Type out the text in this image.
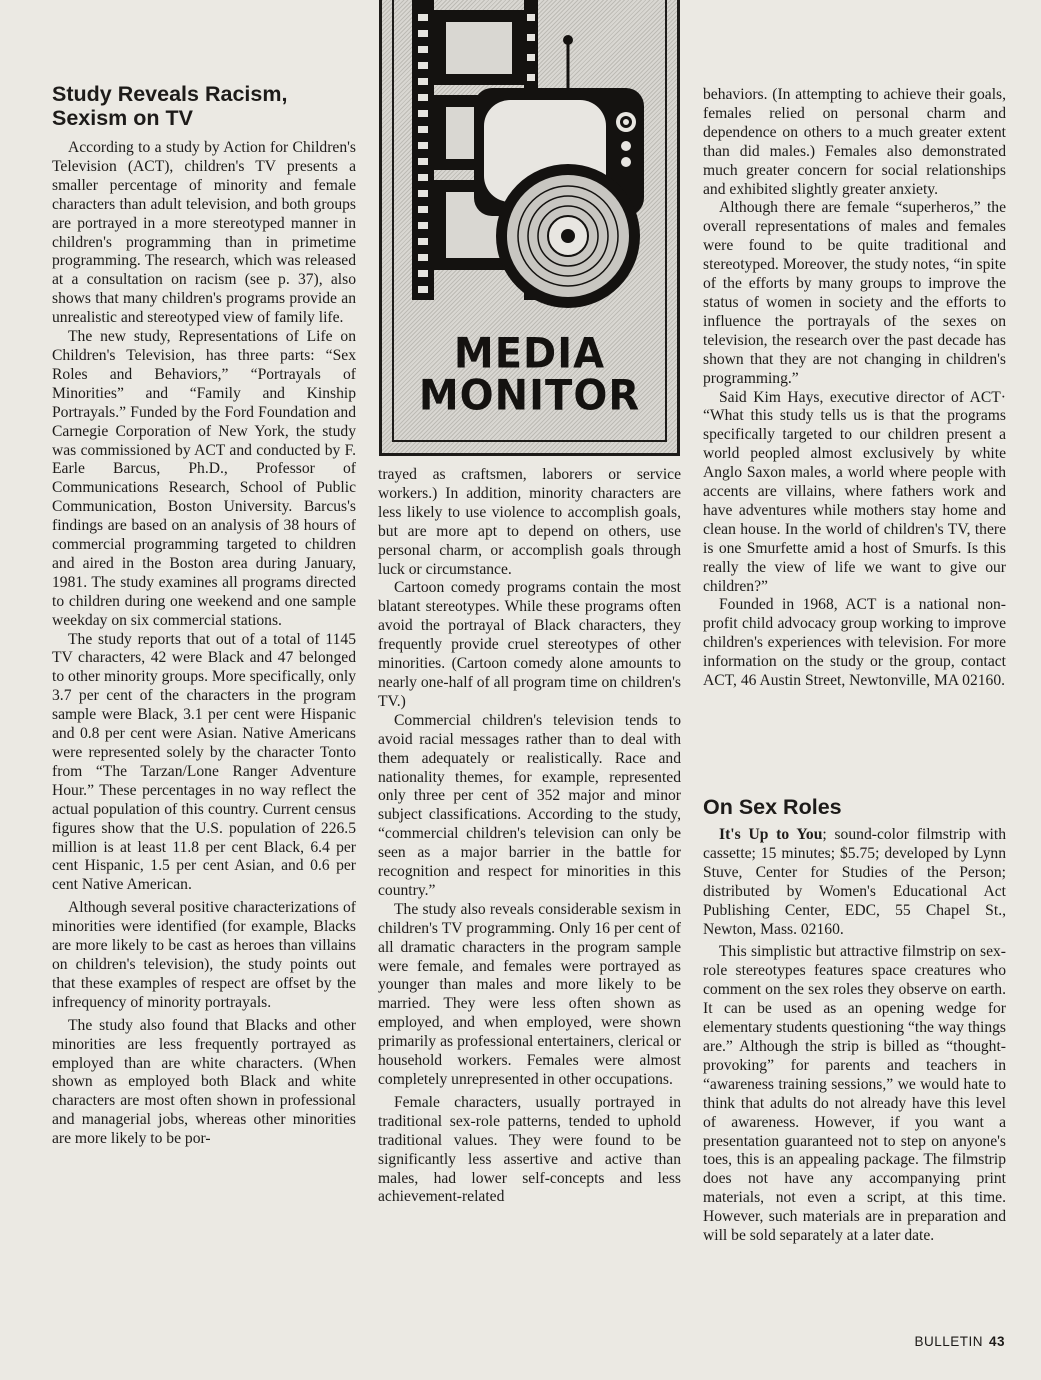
Study Reveals Racism, Sexism on TV

According to a study by Action for Children's Television (ACT), children's TV presents a smaller percentage of minority and female characters than adult television, and both groups are portrayed in a more stereotyped manner in children's programming than in primetime programming. The research, which was released at a consultation on racism (see p. 37), also shows that many children's programs provide an unrealistic and stereotyped view of family life.

The new study, Representations of Life on Children's Television, has three parts: “Sex Roles and Behaviors,” “Portrayals of Minorities” and “Family and Kinship Portrayals.” Funded by the Ford Foundation and Carnegie Corporation of New York, the study was commissioned by ACT and conducted by F. Earle Barcus, Ph.D., Professor of Communications Research, School of Public Communication, Boston University. Barcus's findings are based on an analysis of 38 hours of commercial programming targeted to children and aired in the Boston area during January, 1981. The study examines all programs directed to children during one weekend and one sample weekday on six commercial stations.

The study reports that out of a total of 1145 TV characters, 42 were Black and 47 belonged to other minority groups. More specifically, only 3.7 per cent of the characters in the program sample were Black, 3.1 per cent were Hispanic and 0.8 per cent were Asian. Native Americans were represented solely by the character Tonto from “The Tarzan/Lone Ranger Adventure Hour.” These percentages in no way reflect the actual population of this country. Current census figures show that the U.S. population of 226.5 million is at least 11.8 per cent Black, 6.4 per cent Hispanic, 1.5 per cent Asian, and 0.6 per cent Native American.

Although several positive characterizations of minorities were identified (for example, Blacks are more likely to be cast as heroes than villains on children's television), the study points out that these examples of respect are offset by the infrequency of minority portrayals.

The study also found that Blacks and other minorities are less frequently portrayed as employed than are white characters. (When shown as employed both Black and white characters are most often shown in professional and managerial jobs, whereas other minorities are more likely to be por-

MEDIA
MONITOR

trayed as craftsmen, laborers or service workers.) In addition, minority characters are less likely to use violence to accomplish goals, but are more apt to depend on others, use personal charm, or accomplish goals through luck or circumstance.

Cartoon comedy programs contain the most blatant stereotypes. While these programs often avoid the portrayal of Black characters, they frequently provide cruel stereotypes of other minorities. (Cartoon comedy alone amounts to nearly one-half of all program time on children's TV.)

Commercial children's television tends to avoid racial messages rather than to deal with them adequately or realistically. Race and nationality themes, for example, represented only three per cent of 352 major and minor subject classifications. According to the study, “commercial children's television can only be seen as a major barrier in the battle for recognition and respect for minorities in this country.”

The study also reveals considerable sexism in children's TV programming. Only 16 per cent of all dramatic characters in the program sample were female, and females were portrayed as younger than males and more likely to be married. They were less often shown as employed, and when employed, were shown primarily as professional entertainers, clerical or household workers. Females were almost completely unrepresented in other occupations.

Female characters, usually portrayed in traditional sex-role patterns, tended to uphold traditional values. They were found to be significantly less assertive and active than males, had lower self-concepts and less achievement-related

behaviors. (In attempting to achieve their goals, females relied on personal charm and dependence on others to a much greater extent than did males.) Females also demonstrated much greater concern for social relationships and exhibited slightly greater anxiety.

Although there are female “superheros,” the overall representations of males and females were found to be quite traditional and stereotyped. Moreover, the study notes, “in spite of the efforts by many groups to improve the status of women in society and the efforts to influence the portrayals of the sexes on television, the research over the past decade has shown that they are not changing in children's programming.”

Said Kim Hays, executive director of ACT· “What this study tells us is that the programs specifically targeted to our children present a world peopled almost exclusively by white Anglo Saxon males, a world where people with accents are villains, where fathers work and have adventures while mothers stay home and clean house. In the world of children's TV, there is one Smurfette amid a host of Smurfs. Is this really the view of life we want to give our children?”

Founded in 1968, ACT is a national non-profit child advocacy group working to improve children's experiences with television. For more information on the study or the group, contact ACT, 46 Austin Street, Newtonville, MA 02160.

On Sex Roles

It's Up to You; sound-color filmstrip with cassette; 15 minutes; $5.75; developed by Lynn Stuve, Center for Studies of the Person; distributed by Women's Educational Act Publishing Center, EDC, 55 Chapel St., Newton, Mass. 02160.

This simplistic but attractive filmstrip on sex-role stereotypes features space creatures who comment on the sex roles they observe on earth. It can be used as an opening wedge for elementary students questioning “the way things are.” Although the strip is billed as “thought-provoking” for parents and teachers in “awareness training sessions,” we would hate to think that adults do not already have this level of awareness. However, if you want a presentation guaranteed not to step on anyone's toes, this is an appealing package. The filmstrip does not have any accompanying print materials, not even a script, at this time. However, such materials are in preparation and will be sold separately at a later date.

BULLETIN 43
